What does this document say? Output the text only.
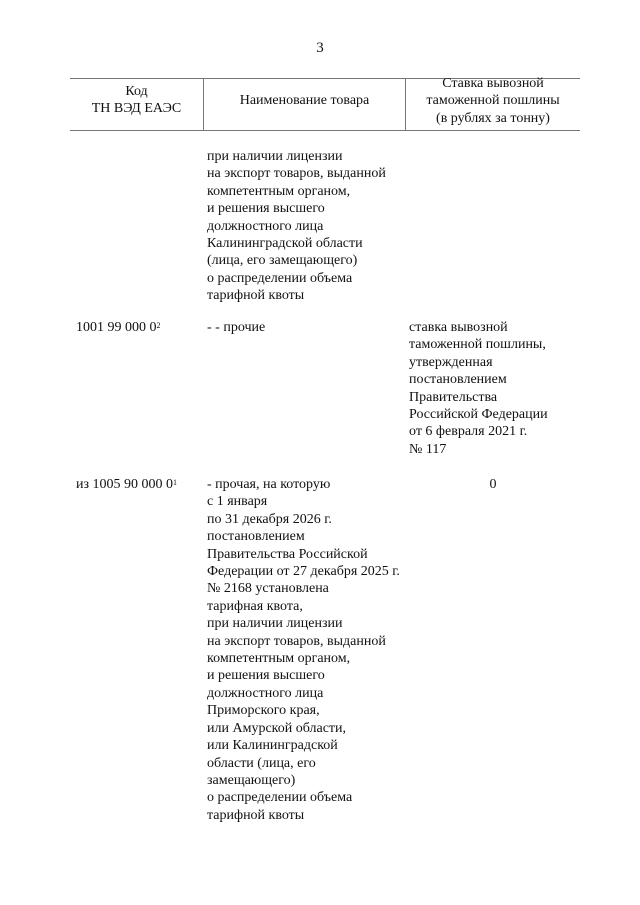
3
Код
ТН ВЭД ЕАЭС
Наименование товара
Ставка вывозной
таможенной пошлины
(в рублях за тонну)
при наличии лицензии
на экспорт товаров, выданной
компетентным органом,
и решения высшего
должностного лица
Калининградской области
(лица, его замещающего)
о распределении объема
тарифной квоты
1001 99 000 $0^2$	- - прочие	ставка вывозной
таможенной пошлины,
утвержденная
постановлением
Правительства
Российской Федерации
от 6 февраля 2021 г.
№ 117
из 1005 90 000 $0^1$ - прочая, на которую
с 1 января
по 31 декабря 2026 г.
постановлением
Правительства Российской
Федерации от 27 декабря 2025 г.
№ 2168 установлена
тарифная квота,
при наличии лицензии
на экспорт товаров, выданной
компетентным органом,
и решения высшего
должностного лица
Приморского края,
или Амурской области,
или Калининградской
области (лица, его
замещающего)
о распределении объема
тарифной квоты
0
